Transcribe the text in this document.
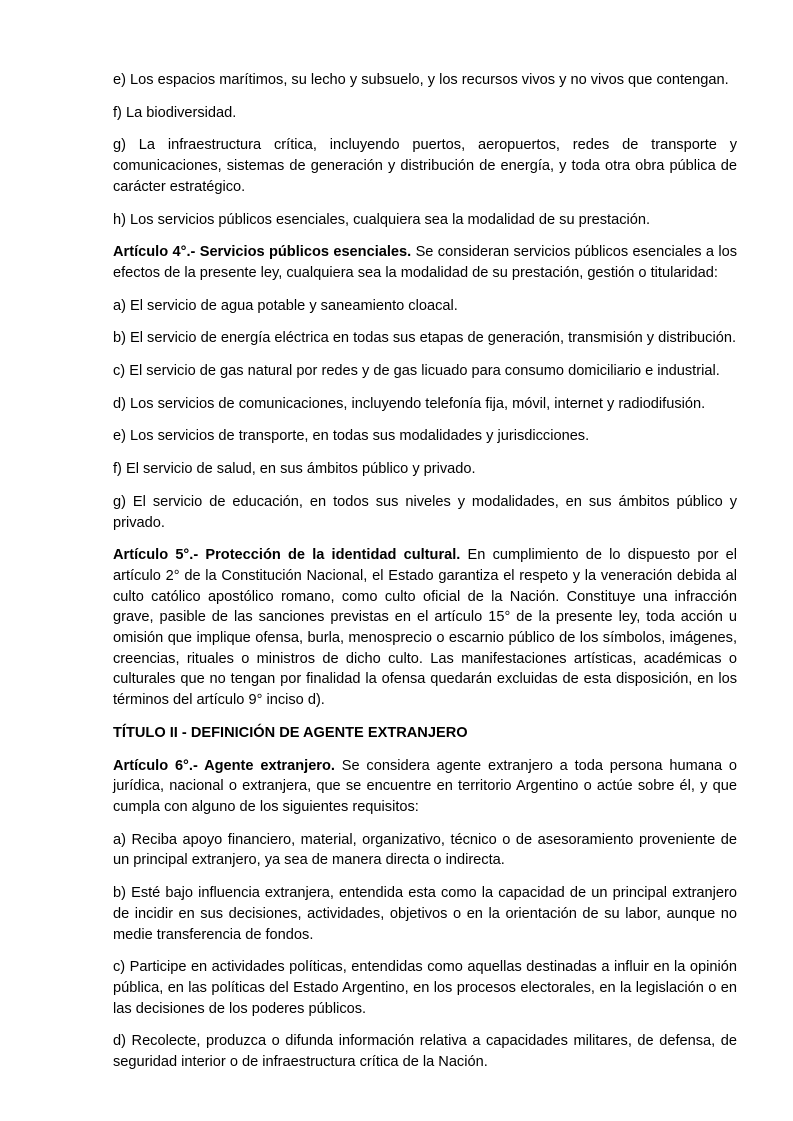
e) Los espacios marítimos, su lecho y subsuelo, y los recursos vivos y no vivos que contengan.

f) La biodiversidad.

g) La infraestructura crítica, incluyendo puertos, aeropuertos, redes de transporte y comunicaciones, sistemas de generación y distribución de energía, y toda otra obra pública de carácter estratégico.

h) Los servicios públicos esenciales, cualquiera sea la modalidad de su prestación.

Artículo 4°.- Servicios públicos esenciales. Se consideran servicios públicos esenciales a los efectos de la presente ley, cualquiera sea la modalidad de su prestación, gestión o titularidad:

a) El servicio de agua potable y saneamiento cloacal.

b) El servicio de energía eléctrica en todas sus etapas de generación, transmisión y distribución.

c) El servicio de gas natural por redes y de gas licuado para consumo domiciliario e industrial.

d) Los servicios de comunicaciones, incluyendo telefonía fija, móvil, internet y radiodifusión.

e) Los servicios de transporte, en todas sus modalidades y jurisdicciones.

f) El servicio de salud, en sus ámbitos público y privado.

g) El servicio de educación, en todos sus niveles y modalidades, en sus ámbitos público y privado.

Artículo 5°.- Protección de la identidad cultural. En cumplimiento de lo dispuesto por el artículo 2° de la Constitución Nacional, el Estado garantiza el respeto y la veneración debida al culto católico apostólico romano, como culto oficial de la Nación. Constituye una infracción grave, pasible de las sanciones previstas en el artículo 15° de la presente ley, toda acción u omisión que implique ofensa, burla, menosprecio o escarnio público de los símbolos, imágenes, creencias, rituales o ministros de dicho culto. Las manifestaciones artísticas, académicas o culturales que no tengan por finalidad la ofensa quedarán excluidas de esta disposición, en los términos del artículo 9° inciso d).

TÍTULO II - DEFINICIÓN DE AGENTE EXTRANJERO

Artículo 6°.- Agente extranjero. Se considera agente extranjero a toda persona humana o jurídica, nacional o extranjera, que se encuentre en territorio Argentino o actúe sobre él, y que cumpla con alguno de los siguientes requisitos:

a) Reciba apoyo financiero, material, organizativo, técnico o de asesoramiento proveniente de un principal extranjero, ya sea de manera directa o indirecta.

b) Esté bajo influencia extranjera, entendida esta como la capacidad de un principal extranjero de incidir en sus decisiones, actividades, objetivos o en la orientación de su labor, aunque no medie transferencia de fondos.

c) Participe en actividades políticas, entendidas como aquellas destinadas a influir en la opinión pública, en las políticas del Estado Argentino, en los procesos electorales, en la legislación o en las decisiones de los poderes públicos.

d) Recolecte, produzca o difunda información relativa a capacidades militares, de defensa, de seguridad interior o de infraestructura crítica de la Nación.
